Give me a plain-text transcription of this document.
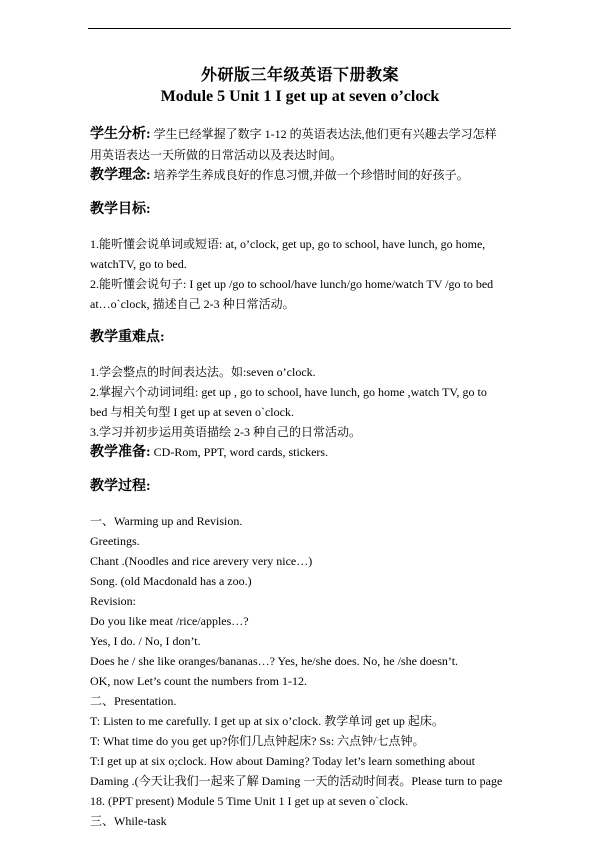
外研版三年级英语下册教案

Module 5 Unit 1 I get up at seven o’clock

学生分析: 学生已经掌握了数字 1-12 的英语表达法,他们更有兴趣去学习怎样

用英语表达一天所做的日常活动以及表达时间。

教学理念: 培养学生养成良好的作息习惯,并做一个珍惜时间的好孩子。

教学目标:

1.能听懂会说单词或短语: at, o’clock, get up, go to school, have lunch, go home,

watchTV, go to bed.

2.能听懂会说句子: I get up /go to school/have lunch/go home/watch TV /go to bed

at…o`clock, 描述自己 2-3 种日常活动。

教学重难点:

1.学会整点的时间表达法。如:seven o’clock.

2.掌握六个动词词组: get up , go to school, have lunch, go home ,watch TV, go to

bed 与相关句型 I get up at seven o`clock.

3.学习并初步运用英语描绘 2-3 种自己的日常活动。

教学准备: CD-Rom, PPT, word cards, stickers.

教学过程:

一、Warming up and Revision.

Greetings.

Chant .(Noodles and rice arevery very nice…)

Song. (old Macdonald has a zoo.)

Revision:

Do you like meat /rice/apples…?

Yes, I do. / No, I don’t.

Does he / she like oranges/bananas…? Yes, he/she does. No, he /she doesn’t.

OK, now Let’s count the numbers from 1-12.

二、Presentation.

T: Listen to me carefully. I get up at six o’clock. 教学单词 get up 起床。

T: What time do you get up?你们几点钟起床? Ss: 六点钟/七点钟。

T:I get up at six o;clock. How about Daming? Today let’s learn something about

Daming .(今天让我们一起来了解 Daming 一天的活动时间表。Please turn to page

18. (PPT present) Module 5 Time Unit 1 I get up at seven o`clock.

三、While-task
